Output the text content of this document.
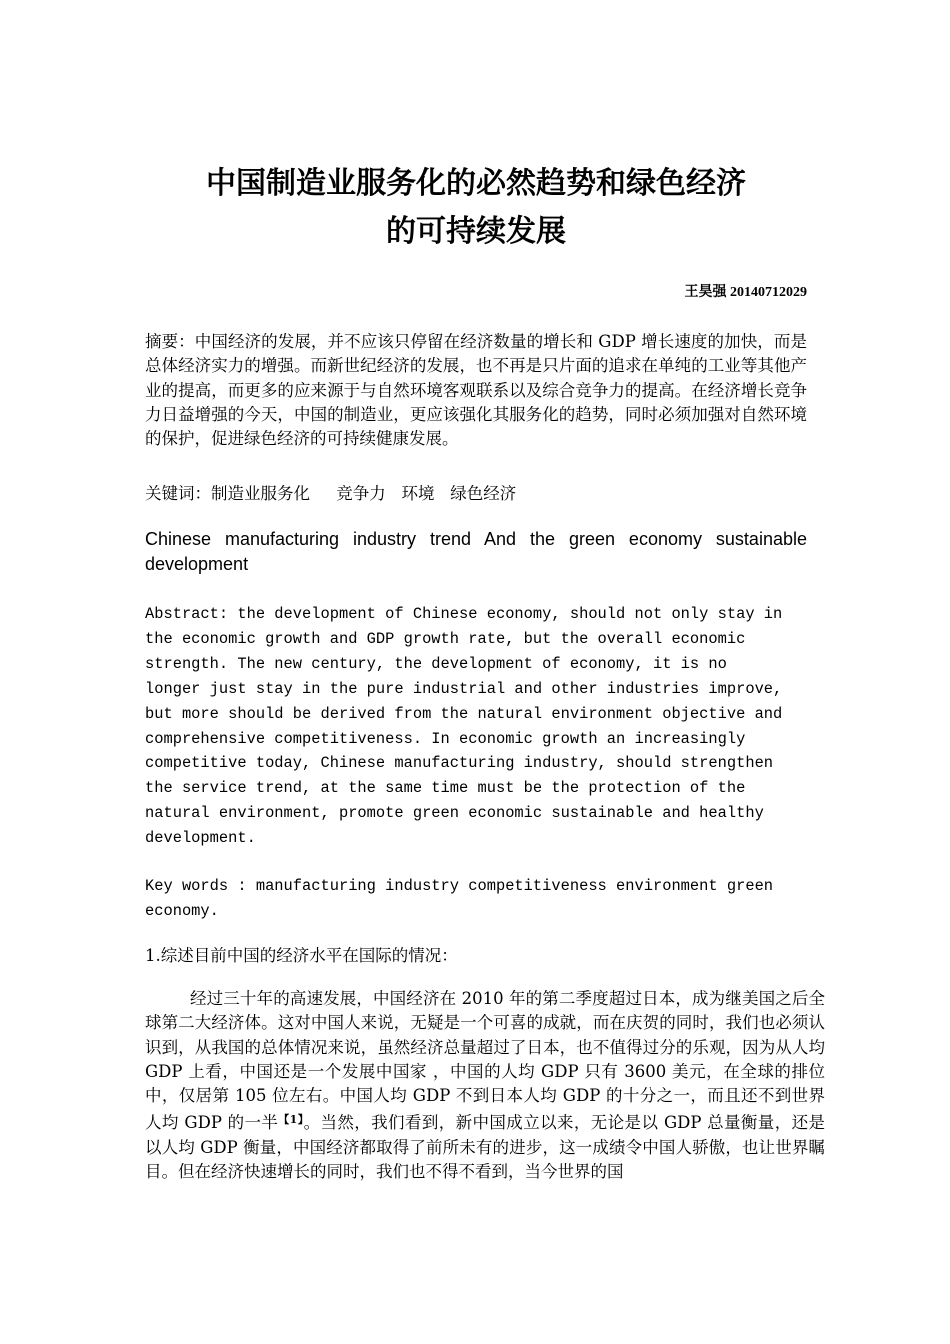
中国制造业服务化的必然趋势和绿色经济
的可持续发展
王昊强 20140712029
摘要：中国经济的发展，并不应该只停留在经济数量的增长和 GDP 增长速度的加快，而是总体经济实力的增强。而新世纪经济的发展，也不再是只片面的追求在单纯的工业等其他产业的提高，而更多的应来源于与自然环境客观联系以及综合竞争力的提高。在经济增长竞争力日益增强的今天，中国的制造业，更应该强化其服务化的趋势，同时必须加强对自然环境的保护，促进绿色经济的可持续健康发展。
关键词：制造业服务化     竞争力   环境   绿色经济
Chinese manufacturing industry trend And the green economy sustainable development
Abstract: the development of Chinese economy, should not only stay in
the economic growth and GDP growth rate, but the overall economic
strength. The new century, the development of economy, it is no
longer just stay in the pure industrial and other industries improve,
but more should be derived from the natural environment objective and
comprehensive competitiveness. In economic growth an increasingly
competitive today, Chinese manufacturing industry, should strengthen
the service trend, at the same time must be the protection of the
natural environment, promote green economic sustainable and healthy
development.
Key words : manufacturing industry competitiveness environment green
economy.
1.综述目前中国的经济水平在国际的情况：
经过三十年的高速发展，中国经济在 2010 年的第二季度超过日本，成为继美国之后全球第二大经济体。这对中国人来说，无疑是一个可喜的成就，而在庆贺的同时，我们也必须认识到，从我国的总体情况来说，虽然经济总量超过了日本，也不值得过分的乐观，因为从人均 GDP 上看，中国还是一个发展中国家 ，中国的人均 GDP 只有 3600 美元，在全球的排位中，仅居第 105 位左右。中国人均 GDP 不到日本人均 GDP 的十分之一，而且还不到世界人均 GDP 的一半$^{【1】}$。当然，我们看到，新中国成立以来，无论是以 GDP 总量衡量，还是以人均 GDP 衡量，中国经济都取得了前所未有的进步，这一成绩令中国人骄傲，也让世界瞩目。但在经济快速增长的同时，我们也不得不看到，当今世界的国
